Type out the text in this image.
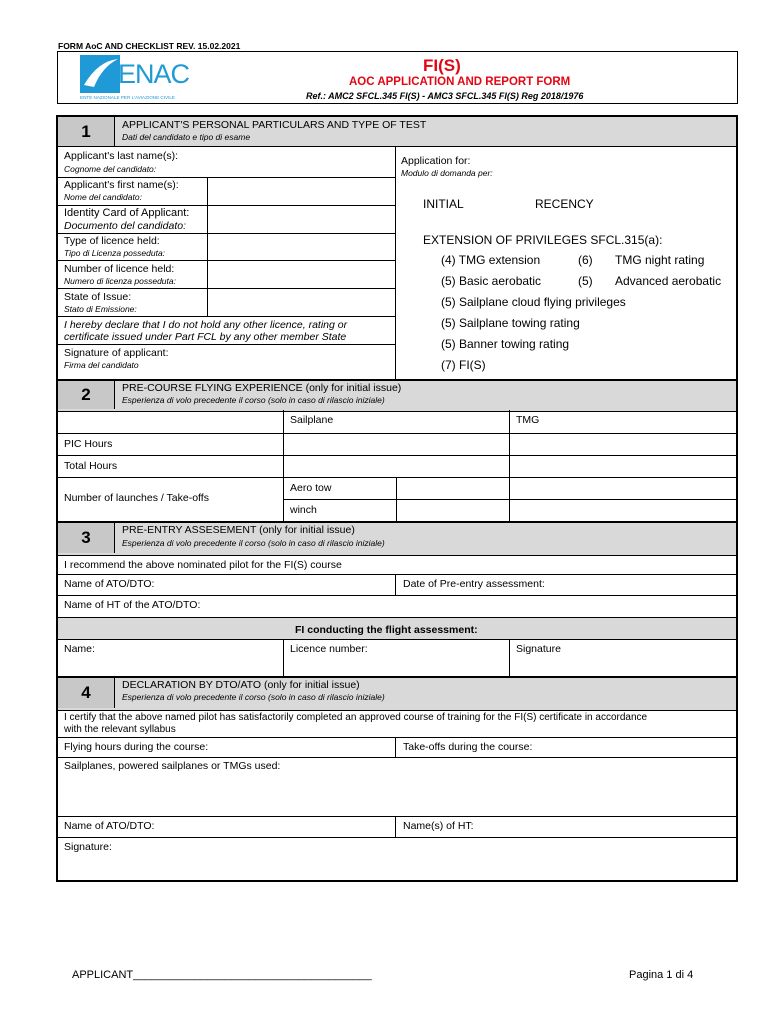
FORM AoC AND CHECKLIST REV. 15.02.2021
ENAC
ENTE NAZIONALE PER L'AVIAZIONE CIVILE
FI(S)
AOC APPLICATION AND REPORT FORM
Ref.: AMC2 SFCL.345 FI(S) - AMC3 SFCL.345 FI(S) Reg 2018/1976
1	APPLICANT'S PERSONAL PARTICULARS AND TYPE OF TEST
Dati del candidato e tipo di esame
Applicant's last name(s):
Cognome del candidato:
Applicant's first name(s):
Nome del candidato:
Identity Card of Applicant:
Documento del candidato:
Type of licence held:
Tipo di Licenza posseduta:
Number of licence held:
Numero di licenza posseduta:
State of Issue:
Stato di Emissione:
I hereby declare that I do not hold any other licence, rating or
certificate issued under Part FCL by any other member State
Signature of applicant:
Firma del candidato
Application for:
Modulo di domanda per:
INITIAL	RECENCY
EXTENSION OF PRIVILEGES SFCL.315(a):
(4) TMG extension	(6) TMG night rating
(5) Basic aerobatic	(5) Advanced aerobatic
(5) Sailplane cloud flying privileges
(5) Sailplane towing rating
(5) Banner towing rating
(7) FI(S)
2	PRE-COURSE FLYING EXPERIENCE (only for initial issue)
Esperienza di volo precedente il corso (solo in caso di rilascio iniziale)
Sailplane	TMG
PIC Hours
Total Hours
Number of launches / Take-offs
Aero tow
winch
3	PRE-ENTRY ASSESEMENT (only for initial issue)
Esperienza di volo precedente il corso (solo in caso di rilascio iniziale)
I recommend the above nominated pilot for the FI(S) course
Name of ATO/DTO:	Date of Pre-entry assessment:
Name of HT of the ATO/DTO:
FI conducting the flight assessment:
Name:	Licence number:	Signature
4	DECLARATION BY DTO/ATO (only for initial issue)
Esperienza di volo precedente il corso (solo in caso di rilascio iniziale)
I certify that the above named pilot has satisfactorily completed an approved course of training for the FI(S) certificate in accordance
with the relevant syllabus
Flying hours during the course:	Take-offs during the course:
Sailplanes, powered sailplanes or TMGs used:
Name of ATO/DTO:	Name(s) of HT:
Signature:
APPLICANT_______________________________________	Pagina 1 di 4
